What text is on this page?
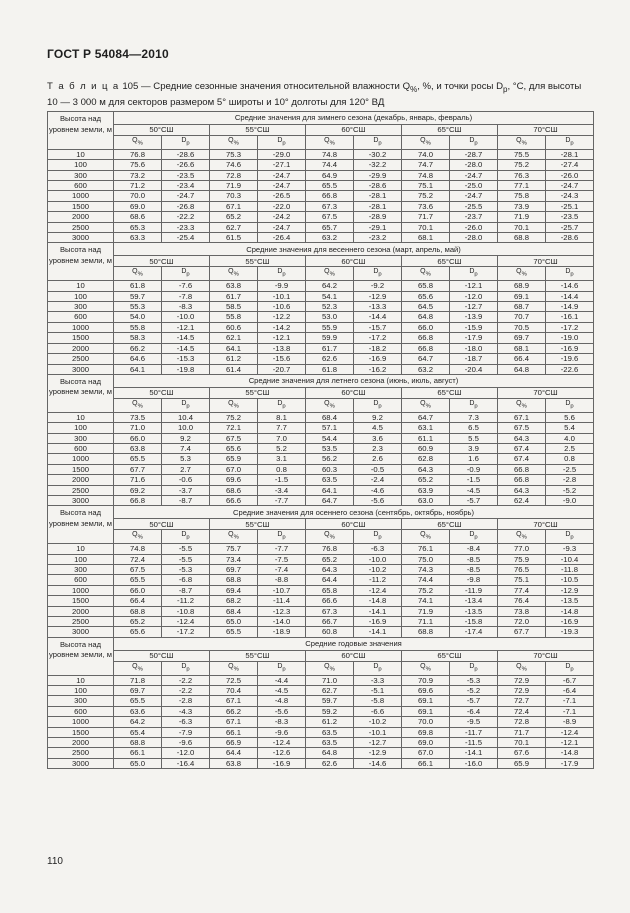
ГОСТ Р 54084—2010
Т а б л и ц а 105 — Средние сезонные значения относительной влажности $Q_{\%}$, %, и точки росы $D_p$, °С, для высоты
10 — 3 000 м для секторов размером 5° широты и 10° долготы для 120° ВД
Высота над уровнем земли, м	Средние значения для зимнего сезона (декабрь, январь, февраль)									
	50°СШ		55°СШ		60°СШ		65°СШ		70°СШ	
	$Q_{\%}$	$D_p$	$Q_{\%}$	$D_p$	$Q_{\%}$	$D_p$	$Q_{\%}$	$D_p$	$Q_{\%}$	$D_p$
10	76.8	-28.6	75.3	-29.0	74.8	-30.2	74.0	-28.7	75.5	-28.1
100	75.6	-26.6	74.6	-27.1	74.4	-32.2	74.7	-28.0	75.2	-27.4
300	73.2	-23.5	72.8	-24.7	64.9	-29.9	74.8	-24.7	76.3	-26.0
600	71.2	-23.4	71.9	-24.7	65.5	-28.6	75.1	-25.0	77.1	-24.7
1000	70.0	-24.7	70.3	-26.5	66.8	-28.1	75.2	-24.7	75.8	-24.3
1500	69.0	-26.8	67.1	-22.0	67.3	-28.1	73.6	-25.5	73.9	-25.1
2000	68.6	-22.2	65.2	-24.2	67.5	-28.9	71.7	-23.7	71.9	-23.5
2500	65.3	-23.3	62.7	-24.7	65.7	-29.1	70.1	-26.0	70.1	-25.7
3000	63.3	-25.4	61.5	-26.4	63.2	-23.2	68.1	-28.0	68.8	-28.6
Высота над уровнем земли, м	Средние значения для весеннего сезона (март, апрель, май)									
	50°СШ		55°СШ		60°СШ		65°СШ		70°СШ	
	$Q_{\%}$	$D_p$	$Q_{\%}$	$D_p$	$Q_{\%}$	$D_p$	$Q_{\%}$	$D_p$	$Q_{\%}$	$D_p$
10	61.8	-7.6	63.8	-9.9	64.2	-9.2	65.8	-12.1	68.9	-14.6
100	59.7	-7.8	61.7	-10.1	54.1	-12.9	65.6	-12.0	69.1	-14.4
300	55.3	-8.3	58.5	-10.6	52.3	-13.3	64.5	-12.7	68.7	-14.9
600	54.0	-10.0	55.8	-12.2	53.0	-14.4	64.8	-13.9	70.7	-16.1
1000	55.8	-12.1	60.6	-14.2	55.9	-15.7	66.0	-15.9	70.5	-17.2
1500	58.3	-14.5	62.1	-12.1	59.9	-17.2	66.8	-17.9	69.7	-19.0
2000	66.2	-14.5	64.1	-13.8	61.7	-18.2	66.8	-18.0	68.1	-16.9
2500	64.6	-15.3	61.2	-15.6	62.6	-16.9	64.7	-18.7	66.4	-19.6
3000	64.1	-19.8	61.4	-20.7	61.8	-16.2	63.2	-20.4	64.8	-22.6
Высота над уровнем земли, м	Средние значения для летнего сезона (июнь, июль, август)									
	50°СШ		55°СШ		60°СШ		65°СШ		70°СШ	
	$Q_{\%}$	$D_p$	$Q_{\%}$	$D_p$	$Q_{\%}$	$D_p$	$Q_{\%}$	$D_p$	$Q_{\%}$	$D_p$
10	73.5	10.4	75.2	8.1	68.4	9.2	64.7	7.3	67.1	5.6
100	71.0	10.0	72.1	7.7	57.1	4.5	63.1	6.5	67.5	5.4
300	66.0	9.2	67.5	7.0	54.4	3.6	61.1	5.5	64.3	4.0
600	63.8	7.4	65.6	5.2	53.5	2.3	60.9	3.9	67.4	2.5
1000	65.5	5.3	65.9	3.1	56.2	2.6	62.8	1.6	67.4	0.8
1500	67.7	2.7	67.0	0.8	60.3	-0.5	64.3	-0.9	66.8	-2.5
2000	71.6	-0.6	69.6	-1.5	63.5	-2.4	65.2	-1.5	66.8	-2.8
2500	69.2	-3.7	68.6	-3.4	64.1	-4.6	63.9	-4.5	64.3	-5.2
3000	66.8	-8.7	66.6	-7.7	64.7	-5.6	63.0	-5.7	62.4	-9.0
Высота над уровнем земли, м	Средние значения для осеннего сезона (сентябрь, октябрь, ноябрь)									
	50°СШ		55°СШ		60°СШ		65°СШ		70°СШ	
	$Q_{\%}$	$D_p$	$Q_{\%}$	$D_p$	$Q_{\%}$	$D_p$	$Q_{\%}$	$D_p$	$Q_{\%}$	$D_p$
10	74.8	-5.5	75.7	-7.7	76.8	-6.3	76.1	-8.4	77.0	-9.3
100	72.4	-5.5	73.4	-7.5	65.2	-10.0	75.0	-8.5	75.9	-10.4
300	67.5	-5.3	69.7	-7.4	64.3	-10.2	74.3	-8.5	76.5	-11.8
600	65.5	-6.8	68.8	-8.8	64.4	-11.2	74.4	-9.8	75.1	-10.5
1000	66.0	-8.7	69.4	-10.7	65.8	-12.4	75.2	-11.9	77.4	-12.9
1500	66.4	-11.2	68.2	-11.4	66.6	-14.8	74.1	-13.4	76.4	-13.5
2000	68.8	-10.8	68.4	-12.3	67.3	-14.1	71.9	-13.5	73.8	-14.8
2500	65.2	-12.4	65.0	-14.0	66.7	-16.9	71.1	-15.8	72.0	-16.9
3000	65.6	-17.2	65.5	-18.9	60.8	-14.1	68.8	-17.4	67.7	-19.3
Высота над уровнем земли, м	Средние годовые значения									
	50°СШ		55°СШ		60°СШ		65°СШ		70°СШ	
	$Q_{\%}$	$D_p$	$Q_{\%}$	$D_p$	$Q_{\%}$	$D_p$	$Q_{\%}$	$D_p$	$Q_{\%}$	$D_p$
10	71.8	-2.2	72.5	-4.4	71.0	-3.3	70.9	-5.3	72.9	-6.7
100	69.7	-2.2	70.4	-4.5	62.7	-5.1	69.6	-5.2	72.9	-6.4
300	65.5	-2.8	67.1	-4.8	59.7	-5.8	69.1	-5.7	72.7	-7.1
600	63.6	-4.3	66.2	-5.6	59.2	-6.6	69.1	-6.4	72.4	-7.1
1000	64.2	-6.3	67.1	-8.3	61.2	-10.2	70.0	-9.5	72.8	-8.9
1500	65.4	-7.9	66.1	-9.6	63.5	-10.1	69.8	-11.7	71.7	-12.4
2000	68.8	-9.6	66.9	-12.4	63.5	-12.7	69.0	-11.5	70.1	-12.1
2500	66.1	-12.0	64.4	-12.6	64.8	-12.9	67.0	-14.1	67.6	-14.8
3000	65.0	-16.4	63.8	-16.9	62.6	-14.6	66.1	-16.0	65.9	-17.9
110
